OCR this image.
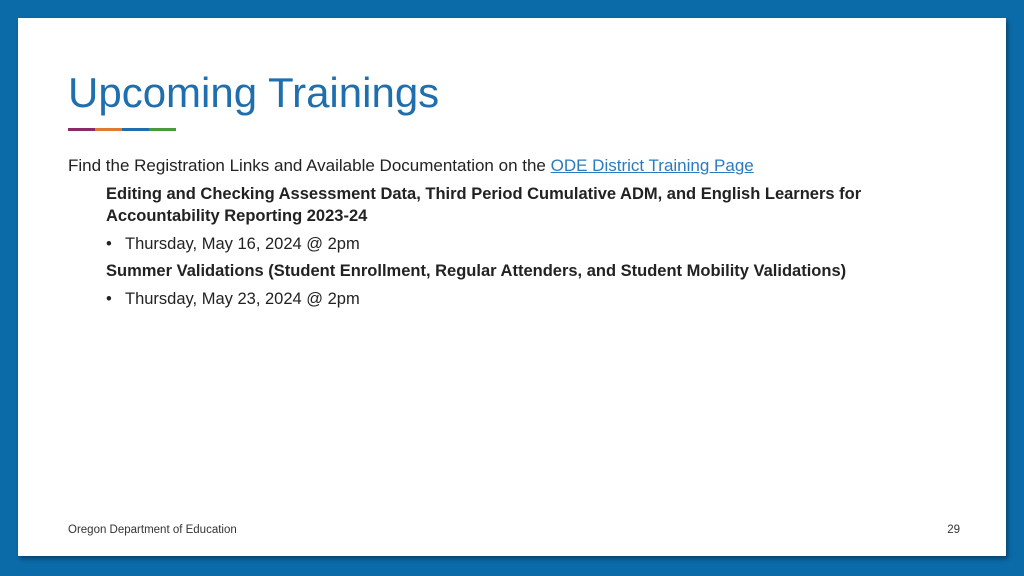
Upcoming Trainings
Find the Registration Links and Available Documentation on the ODE District Training Page
Editing and Checking Assessment Data, Third Period Cumulative ADM, and English Learners for Accountability Reporting 2023-24
• Thursday, May 16, 2024 @ 2pm
Summer Validations (Student Enrollment, Regular Attenders, and Student Mobility Validations)
• Thursday, May 23, 2024 @ 2pm
Oregon Department of Education	29
